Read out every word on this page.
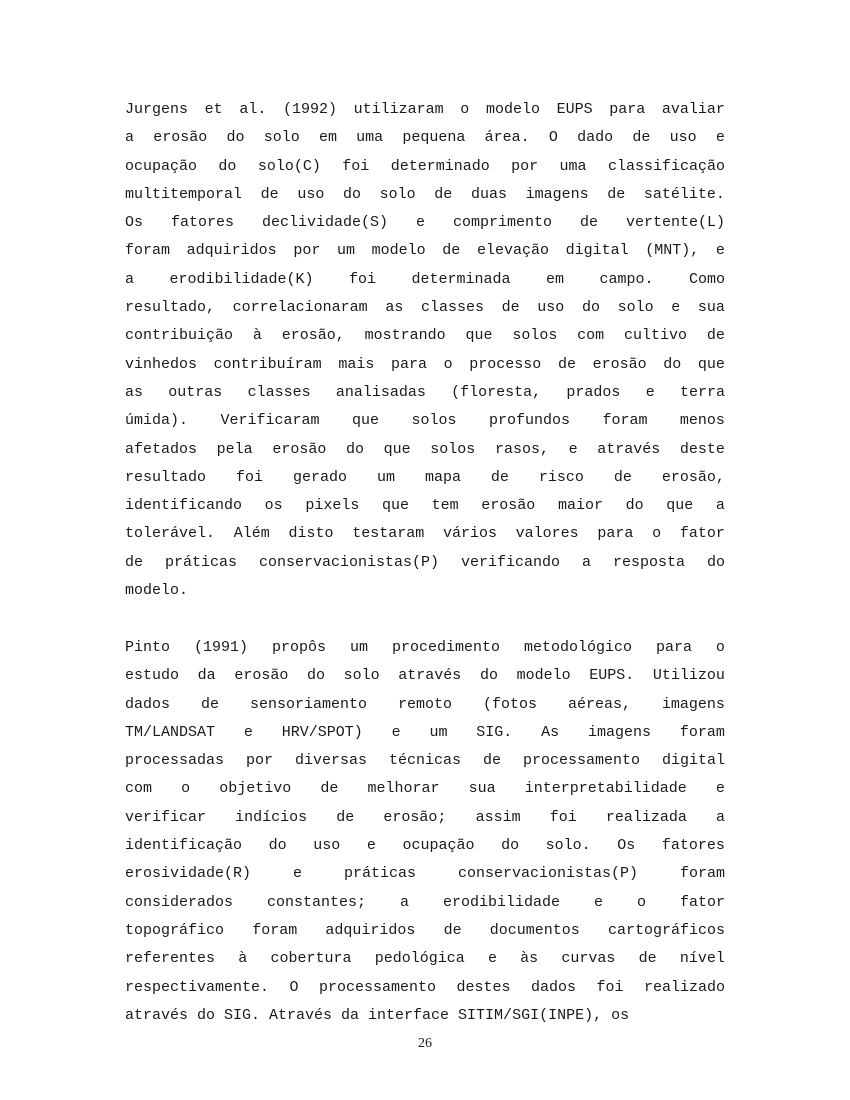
Jurgens et al. (1992) utilizaram o modelo EUPS para avaliar
a erosão do solo em uma pequena área. O dado de uso e
ocupação do solo(C) foi determinado por uma classificação
multitemporal de uso do solo de duas imagens de satélite.
Os fatores declividade(S) e comprimento de vertente(L)
foram adquiridos por um modelo de elevação digital (MNT), e
a erodibilidade(K) foi determinada em campo. Como
resultado, correlacionaram as classes de uso do solo e sua
contribuição à erosão, mostrando que solos com cultivo de
vinhedos contribuíram mais para o processo de erosão do que
as outras classes analisadas (floresta, prados e terra
úmida). Verificaram que solos profundos foram menos
afetados pela erosão do que solos rasos, e através deste
resultado foi gerado um mapa de risco de erosão,
identificando os pixels que tem erosão maior do que a
tolerável. Além disto testaram vários valores para o fator
de práticas conservacionistas(P) verificando a resposta do
modelo.
Pinto (1991) propôs um procedimento metodológico para o
estudo da erosão do solo através do modelo EUPS. Utilizou
dados de sensoriamento remoto (fotos aéreas, imagens
TM/LANDSAT e HRV/SPOT) e um SIG. As imagens foram
processadas por diversas técnicas de processamento digital
com o objetivo de melhorar sua interpretabilidade e
verificar indícios de erosão; assim foi realizada a
identificação do uso e ocupação do solo. Os fatores
erosividade(R)	e	práticas	conservacionistas(P)	foram
considerados constantes; a erodibilidade e o fator
topográfico foram adquiridos de documentos cartográficos
referentes à cobertura pedológica e às curvas de nível
respectivamente. O processamento destes dados foi realizado
através do SIG. Através da interface SITIM/SGI(INPE), os
26
